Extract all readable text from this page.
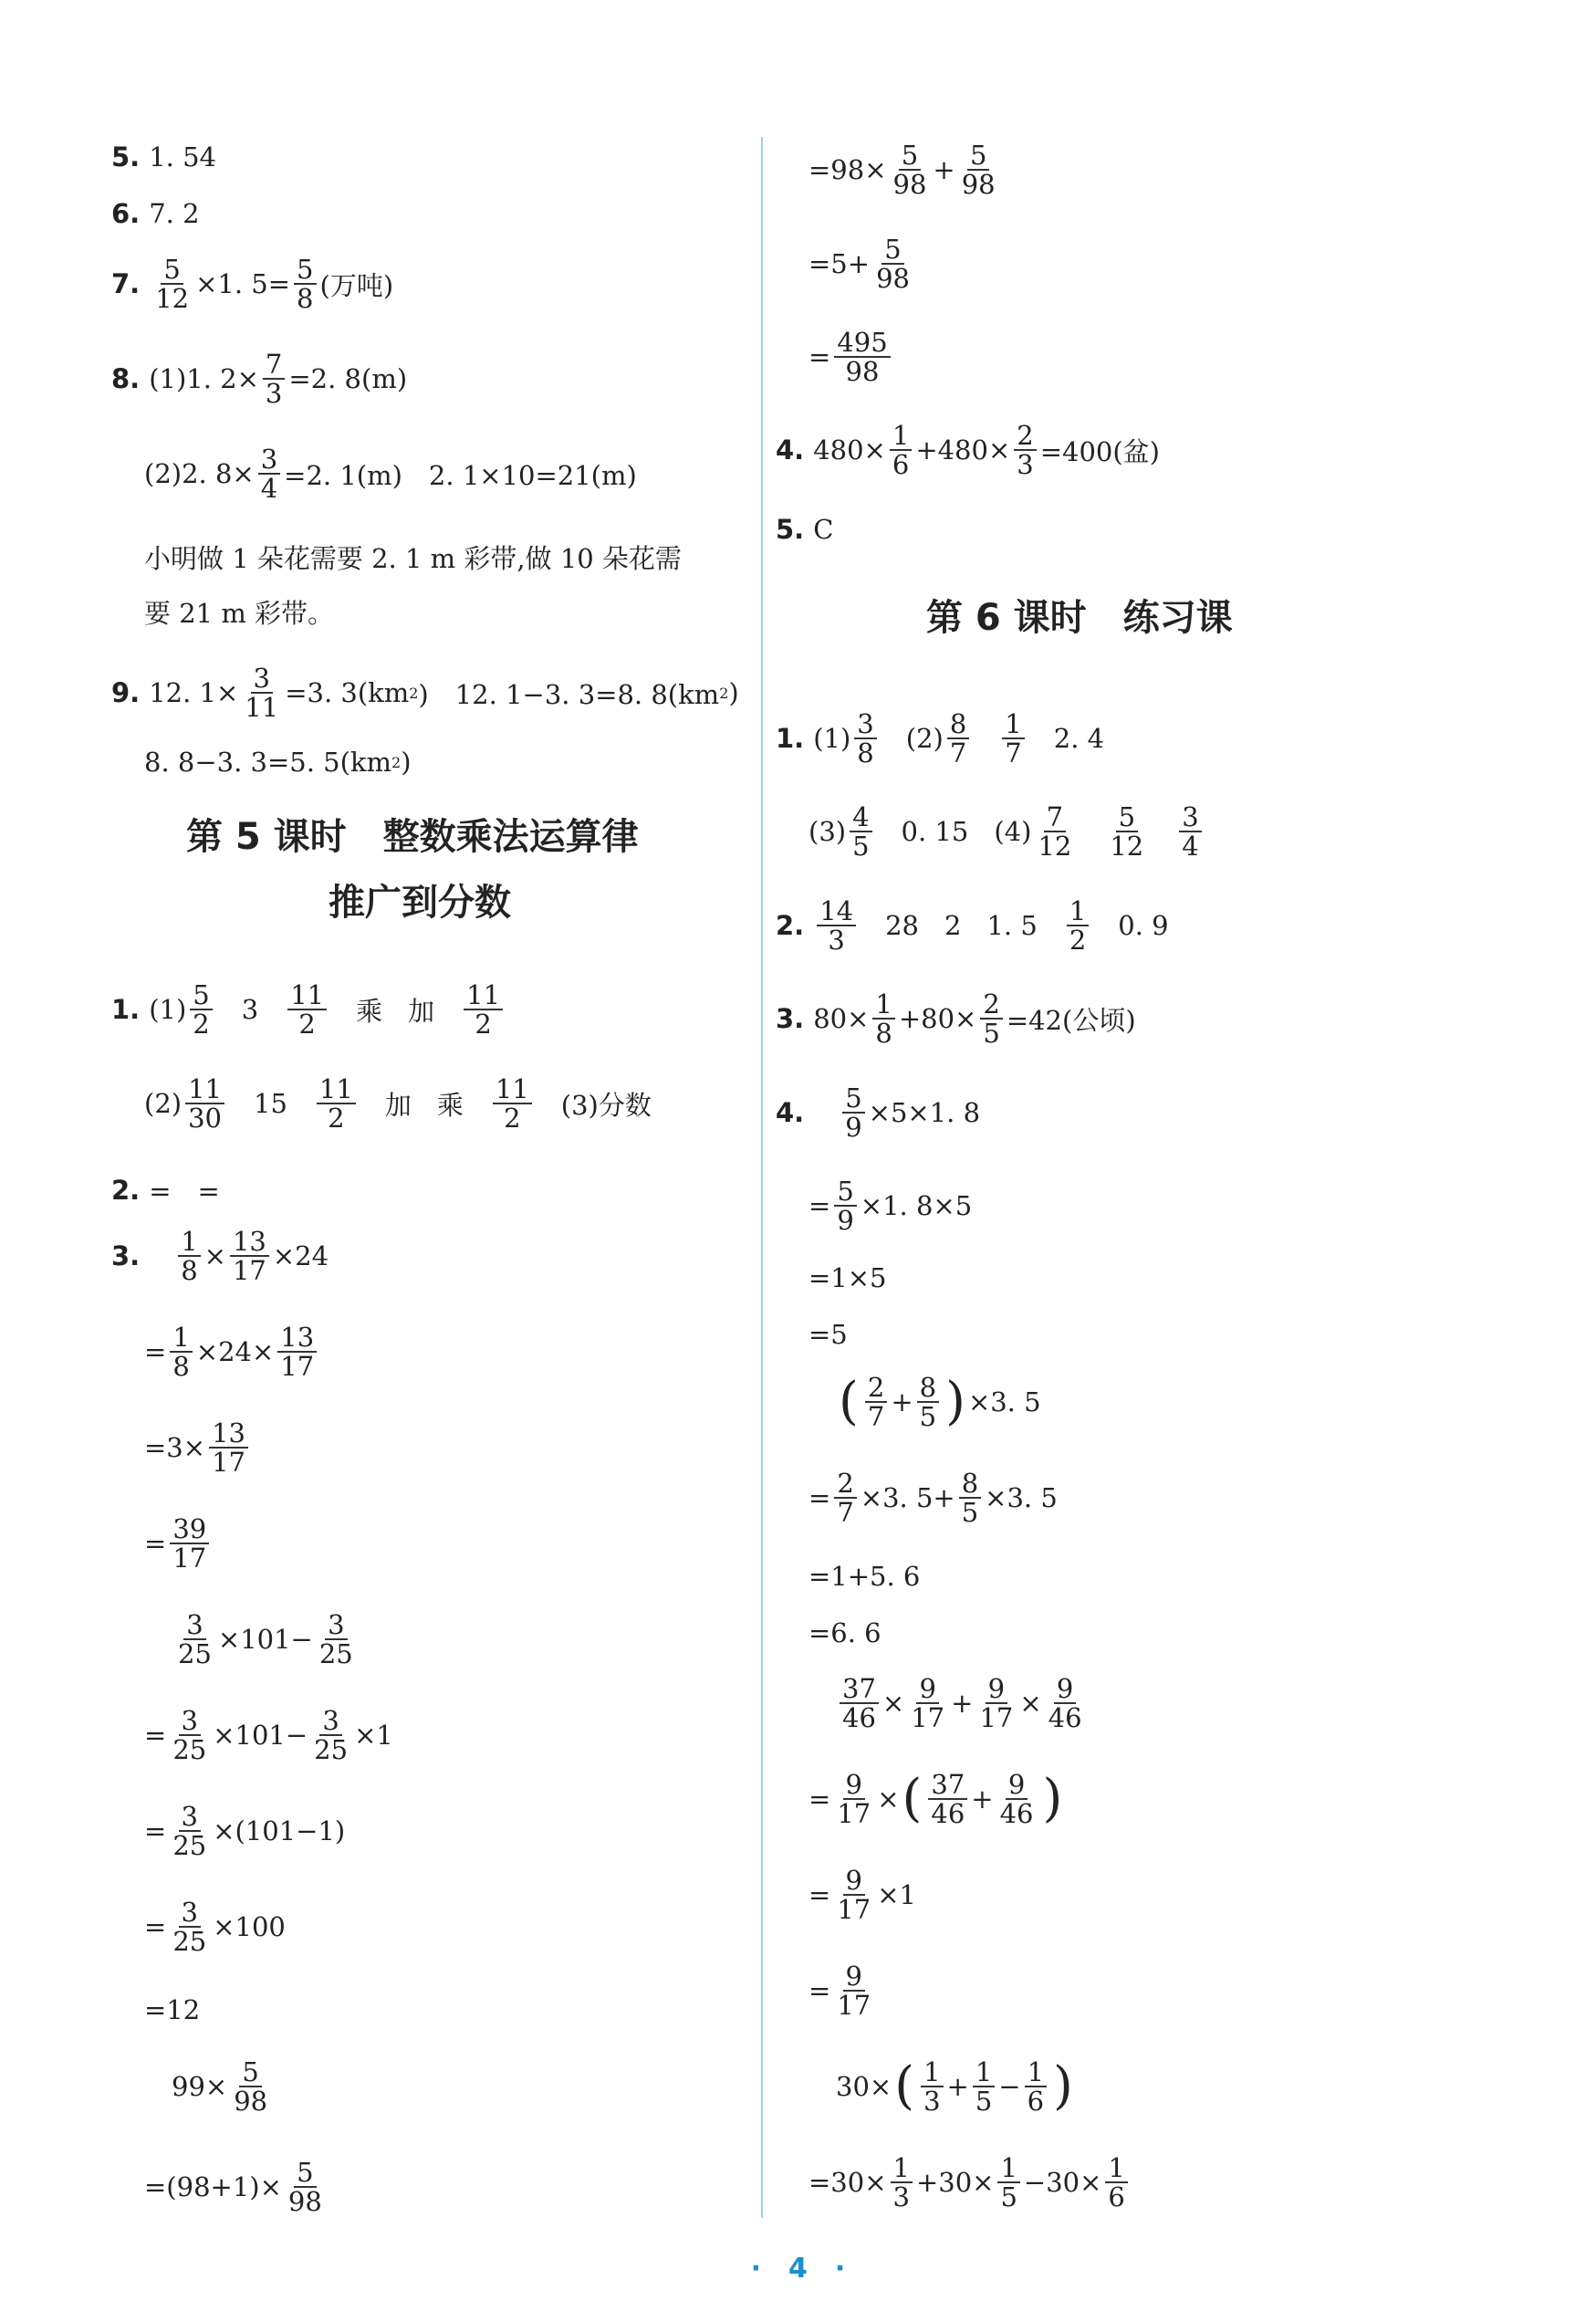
5. 1. 54
6. 7. 2
7. $\frac{5}{12} \times 1$. $5= \frac{5}{8}$ (万吨)
8. (1)1. $2\times \frac{7}{3} =2$. 8(m)
(2)2. $8\times \frac{3}{4} =2$. 1(m)　2. 1×10=21(m)
小明做 1 朵花需要 2. 1 m 彩带,做 10 朵花需
要 21 m 彩带。
9. 12. $1\times \frac{3}{11} =3$. 3(km 2 )　12. 1−3. 3=8. 8(km 2 )
8. 8−3. 3=5. 5(km 2 )
第 5 课时　整数乘法运算律
推广到分数
1. $(1) \frac{5}{2} 3 \frac{11}{2}$ 乘 加 $\frac{11}{2}$
$(2) \frac{11}{30} 15 \frac{11}{2}$ 加 乘 $\frac{11}{2} (3)$分数
2. =　=
3. $\frac{1}{8} \times \frac{13}{17} \times 24$
= $\frac{1}{8} \times 24\times \frac{13}{17}$
$=3\times \frac{13}{17}$
= $\frac{39}{17}$
$\frac{3}{25} \times 101- \frac{3}{25}$
= $\frac{3}{25} \times 101- \frac{3}{25} \times 1$
= $\frac{3}{25} \times(101-1)$
= $\frac{3}{25} \times 100$
=12
$99\times \frac{5}{98}$
$=(98+1)\times \frac{5}{98}$
$=98\times \frac{5}{98} + \frac{5}{98}$
$=5+ \frac{5}{98}$
= $\frac{495}{98}$
4. $480\times \frac{1}{6} +480\times \frac{2}{3} =400$(盆)
5. C
第 6 课时　练习课
1. $(1) \frac{3}{8} (2) \frac{8}{7} \frac{1}{7} 2$. 4
$(3) \frac{4}{5} 0$. 15 $(4) \frac{7}{12} \frac{5}{12} \frac{3}{4}$
2. $\frac{14}{3} 28$ 2 1. $5 \frac{1}{2} 0$. 9
3. $80\times \frac{1}{8} +80\times \frac{2}{5} =42$(公顷)
4. $\frac{5}{9} \times 5\times 1$. 8
= $\frac{5}{9} \times 1$. 8×5
=1×5
=5
( $\frac{2}{7} + \frac{8}{5}$ ) ×3. 5
= $\frac{2}{7} \times 3$. $5+ \frac{8}{5} \times 3$. 5
=1+5. 6
=6. 6
$\frac{37}{46} \times \frac{9}{17} + \frac{9}{17} \times \frac{9}{46}$
= $\frac{9}{17}$ × ( $\frac{37}{46} + \frac{9}{46}$ )
= $\frac{9}{17} \times 1$
= $\frac{9}{17}$
30× ( $\frac{1}{3} + \frac{1}{5} - \frac{1}{6}$ )
$=30\times \frac{1}{3} +30\times \frac{1}{5} -30\times \frac{1}{6}$
·　4　·
